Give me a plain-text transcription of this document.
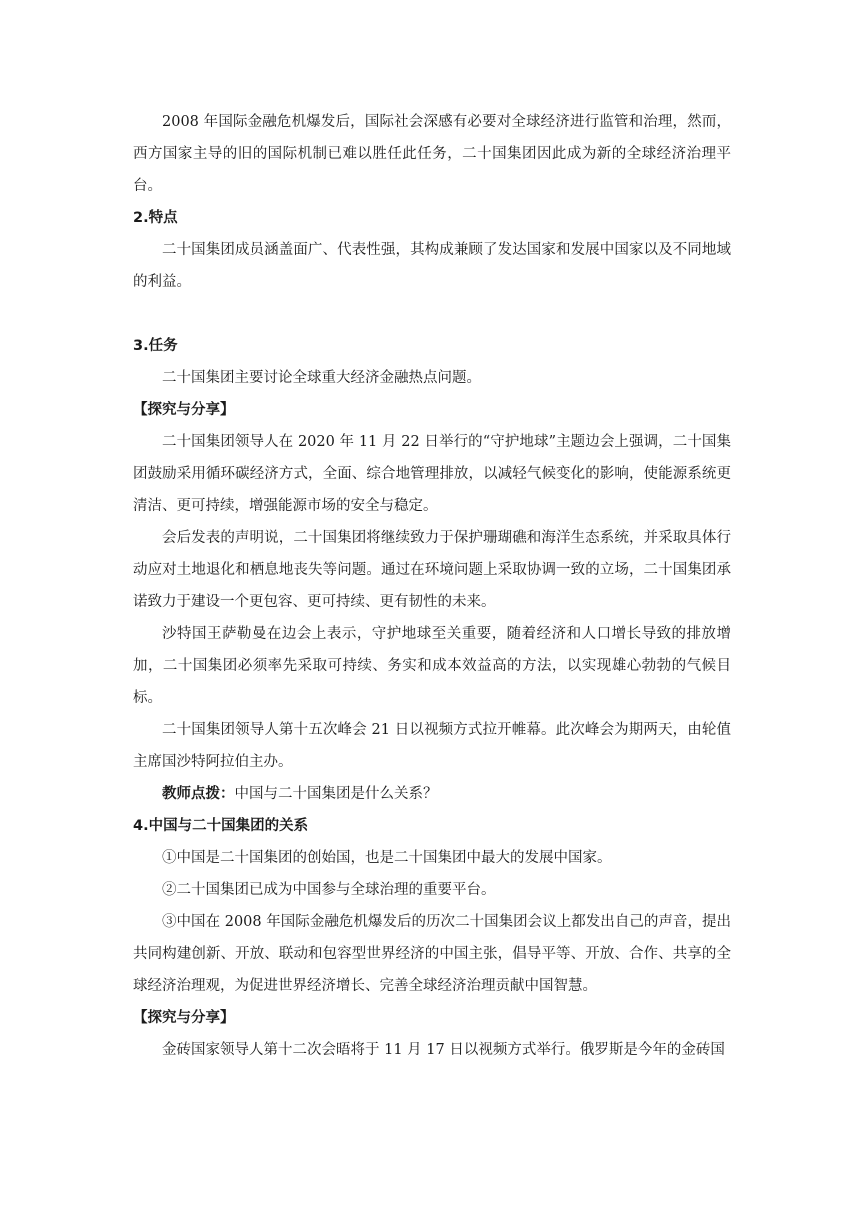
2008 年国际金融危机爆发后，国际社会深感有必要对全球经济进行监管和治理，然而，西方国家主导的旧的国际机制已难以胜任此任务，二十国集团因此成为新的全球经济治理平台。

2.特点

二十国集团成员涵盖面广、代表性强，其构成兼顾了发达国家和发展中国家以及不同地域的利益。

3.任务

二十国集团主要讨论全球重大经济金融热点问题。

【探究与分享】

二十国集团领导人在 2020 年 11 月 22 日举行的“守护地球”主题边会上强调，二十国集团鼓励采用循环碳经济方式，全面、综合地管理排放，以减轻气候变化的影响，使能源系统更清洁、更可持续，增强能源市场的安全与稳定。

会后发表的声明说，二十国集团将继续致力于保护珊瑚礁和海洋生态系统，并采取具体行动应对土地退化和栖息地丧失等问题。通过在环境问题上采取协调一致的立场，二十国集团承诺致力于建设一个更包容、更可持续、更有韧性的未来。

沙特国王萨勒曼在边会上表示，守护地球至关重要，随着经济和人口增长导致的排放增加，二十国集团必须率先采取可持续、务实和成本效益高的方法，以实现雄心勃勃的气候目标。

二十国集团领导人第十五次峰会 21 日以视频方式拉开帷幕。此次峰会为期两天，由轮值主席国沙特阿拉伯主办。

教师点拨：中国与二十国集团是什么关系？

4.中国与二十国集团的关系

①中国是二十国集团的创始国，也是二十国集团中最大的发展中国家。

②二十国集团已成为中国参与全球治理的重要平台。

③中国在 2008 年国际金融危机爆发后的历次二十国集团会议上都发出自己的声音，提出共同构建创新、开放、联动和包容型世界经济的中国主张，倡导平等、开放、合作、共享的全球经济治理观，为促进世界经济增长、完善全球经济治理贡献中国智慧。

【探究与分享】

金砖国家领导人第十二次会晤将于 11 月 17 日以视频方式举行。俄罗斯是今年的金砖国
